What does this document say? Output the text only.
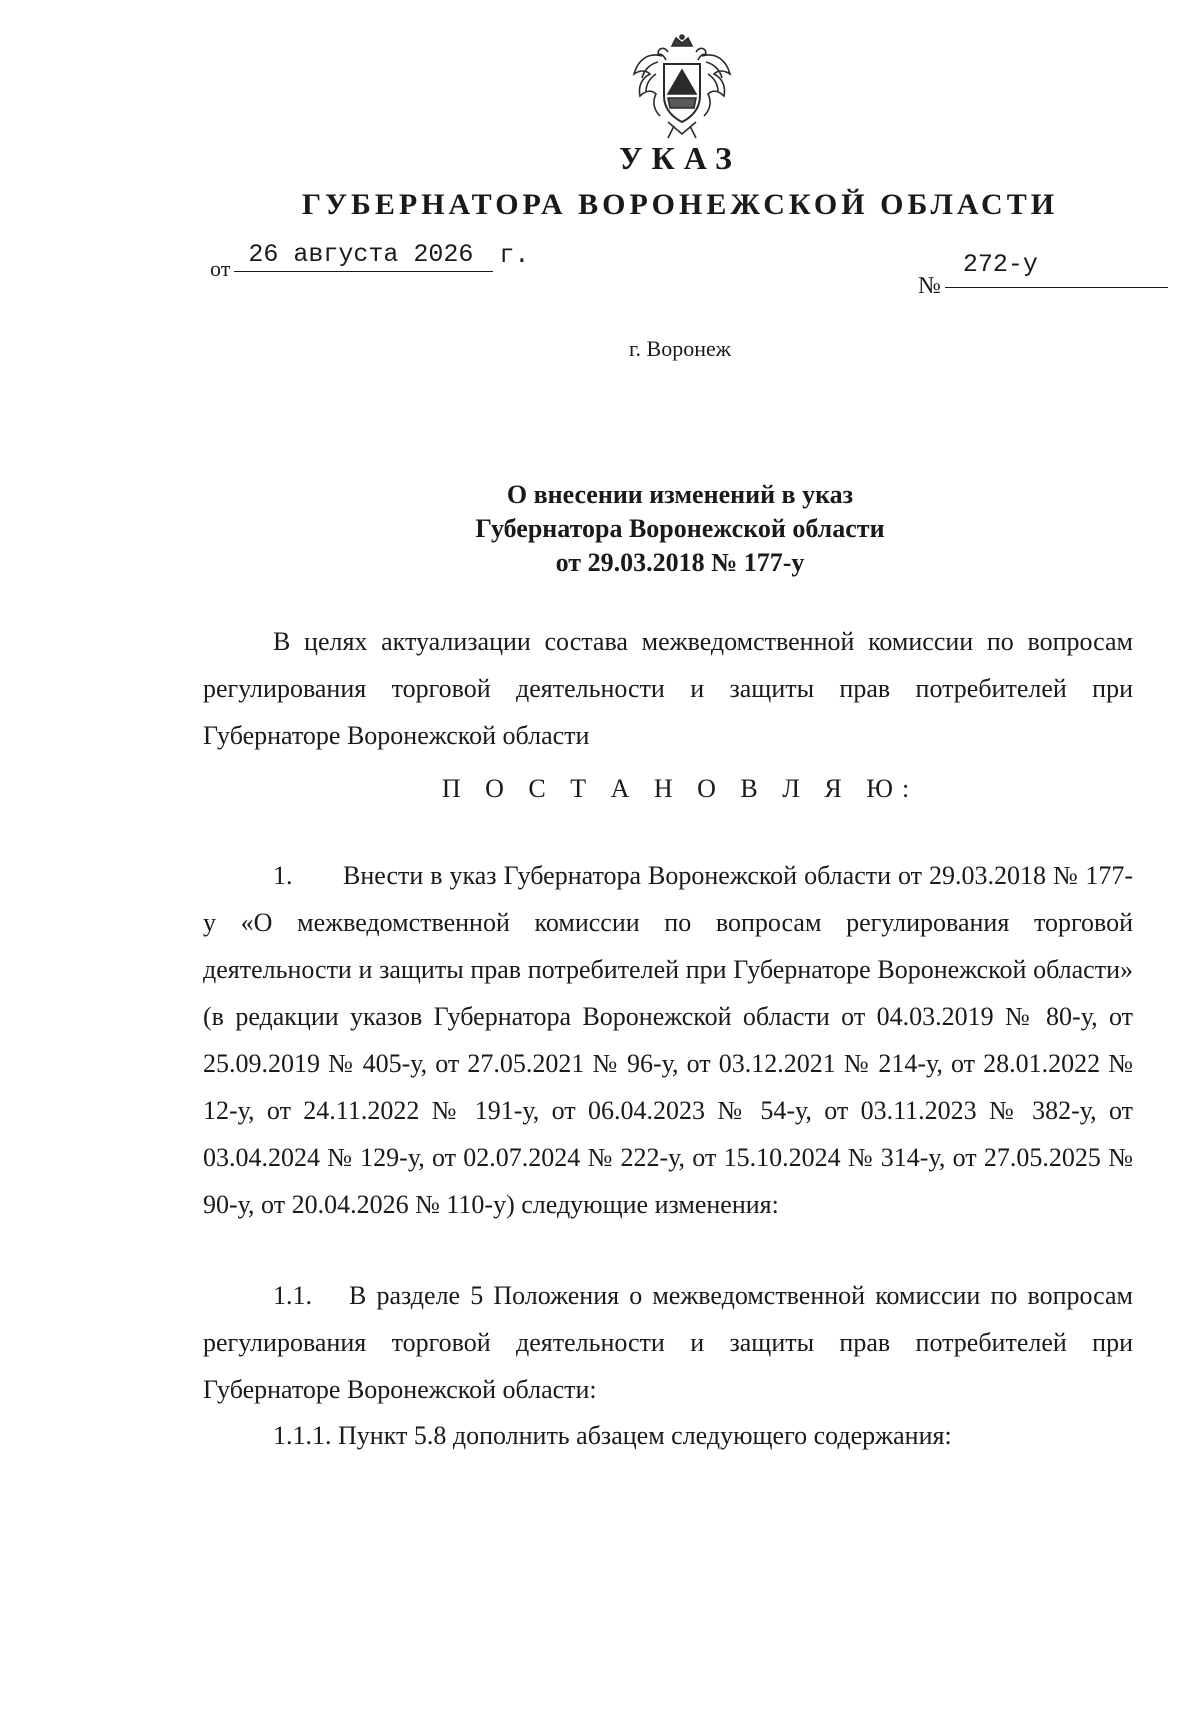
УКАЗ
ГУБЕРНАТОРА ВОРОНЕЖСКОЙ ОБЛАСТИ
от 26 августа 2026	г.
№
272-у
г. Воронеж
О внесении изменений в указ
Губернатора Воронежской области
от 29.03.2018 № 177-у
В целях актуализации состава межведомственной комиссии по вопросам регулирования торговой деятельности и защиты прав потребителей при Губернаторе Воронежской области
П О С Т А Н О В Л Я Ю:
1. Внести в указ Губернатора Воронежской области от 29.03.2018 № 177-у «О межведомственной комиссии по вопросам регулирования торговой деятельности и защиты прав потребителей при Губернаторе Воронежской области» (в редакции указов Губернатора Воронежской области от 04.03.2019 № 80-у, от 25.09.2019 № 405-у, от 27.05.2021 № 96-у, от 03.12.2021 № 214-у, от 28.01.2022 № 12-у, от 24.11.2022 № 191-у, от 06.04.2023 № 54-у, от 03.11.2023 № 382-у, от 03.04.2024 № 129-у, от 02.07.2024 № 222-у, от 15.10.2024 № 314-у, от 27.05.2025 № 90-у, от 20.04.2026 № 110-у) следующие изменения:
1.1. В разделе 5 Положения о межведомственной комиссии по вопросам регулирования торговой деятельности и защиты прав потребителей при Губернаторе Воронежской области:
1.1.1. Пункт 5.8 дополнить абзацем следующего содержания:
